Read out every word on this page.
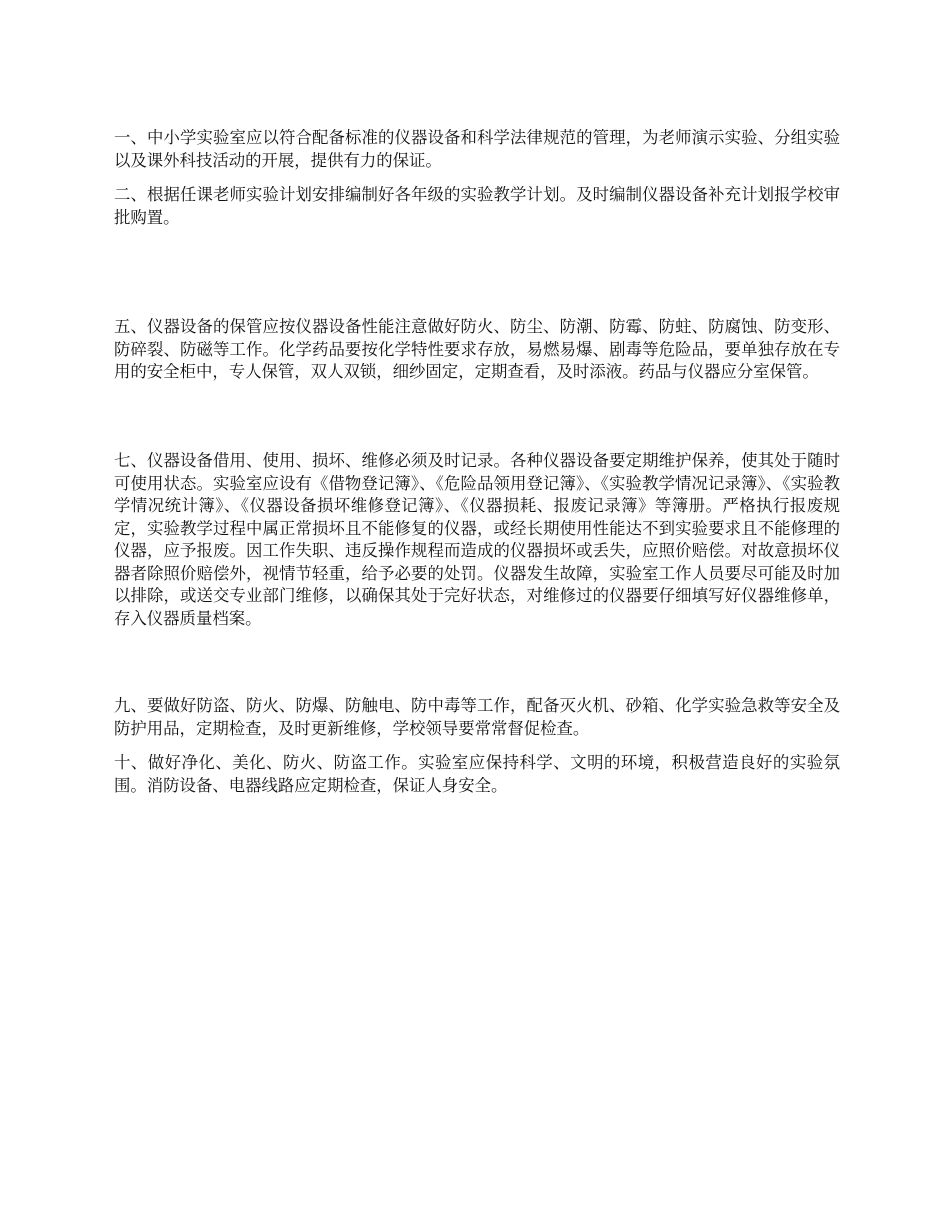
一、中小学实验室应以符合配备标准的仪器设备和科学法律规范的管理，为老师演示实验、分组实验以及课外科技活动的开展，提供有力的保证。

二、根据任课老师实验计划安排编制好各年级的实验教学计划。及时编制仪器设备补充计划报学校审批购置。

五、仪器设备的保管应按仪器设备性能注意做好防火、防尘、防潮、防霉、防蛀、防腐蚀、防变形、防碎裂、防磁等工作。化学药品要按化学特性要求存放，易燃易爆、剧毒等危险品，要单独存放在专用的安全柜中，专人保管，双人双锁，细纱固定，定期查看，及时添液。药品与仪器应分室保管。

七、仪器设备借用、使用、损坏、维修必须及时记录。各种仪器设备要定期维护保养，使其处于随时可使用状态。实验室应设有《借物登记簿》、《危险品领用登记簿》、《实验教学情况记录簿》、《实验教学情况统计簿》、《仪器设备损坏维修登记簿》、《仪器损耗、报废记录簿》等簿册。严格执行报废规定，实验教学过程中属正常损坏且不能修复的仪器，或经长期使用性能达不到实验要求且不能修理的仪器，应予报废。因工作失职、违反操作规程而造成的仪器损坏或丢失，应照价赔偿。对故意损坏仪器者除照价赔偿外，视情节轻重，给予必要的处罚。仪器发生故障，实验室工作人员要尽可能及时加以排除，或送交专业部门维修，以确保其处于完好状态，对维修过的仪器要仔细填写好仪器维修单，存入仪器质量档案。

九、要做好防盗、防火、防爆、防触电、防中毒等工作，配备灭火机、砂箱、化学实验急救等安全及防护用品，定期检查，及时更新维修，学校领导要常常督促检查。

十、做好净化、美化、防火、防盗工作。实验室应保持科学、文明的环境，积极营造良好的实验氛围。消防设备、电器线路应定期检查，保证人身安全。
